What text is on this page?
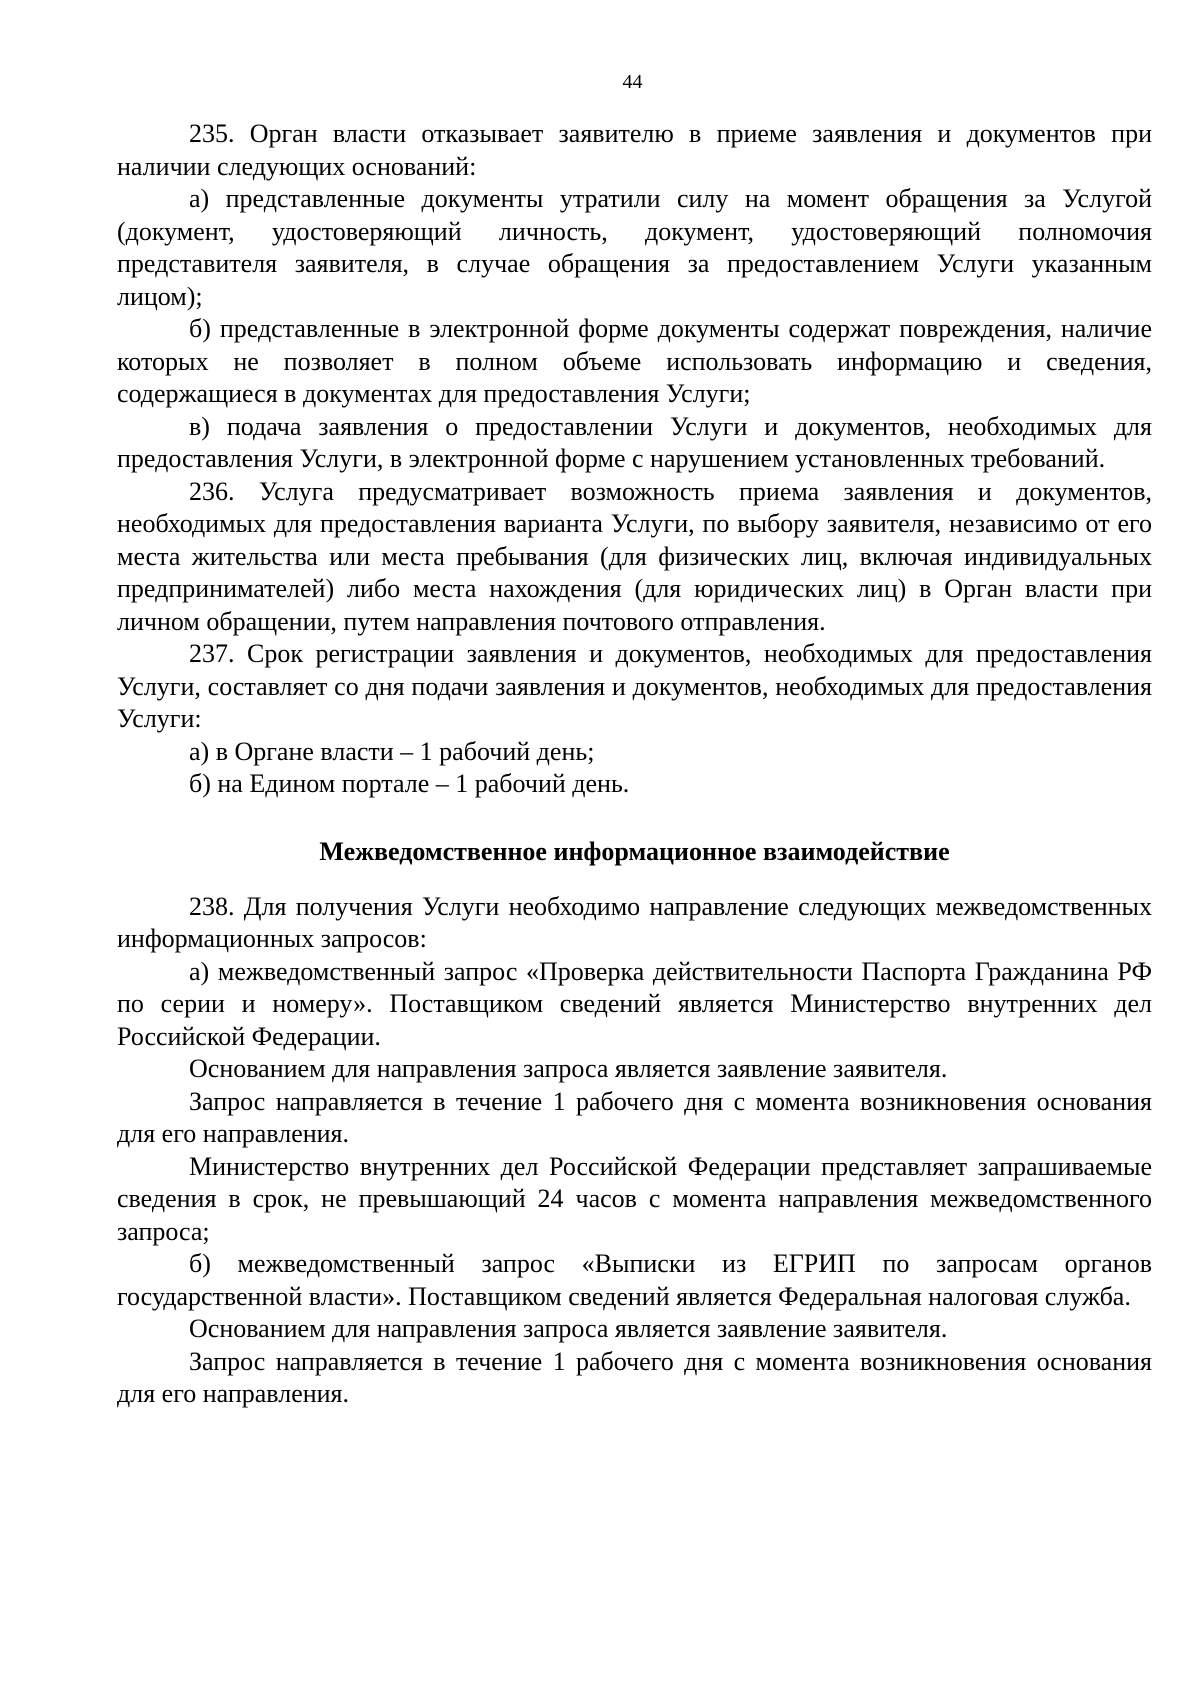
44

235. Орган власти отказывает заявителю в приеме заявления и документов при наличии следующих оснований:

а) представленные документы утратили силу на момент обращения за Услугой (документ, удостоверяющий личность, документ, удостоверяющий полномочия представителя заявителя, в случае обращения за предоставлением Услуги указанным лицом);

б) представленные в электронной форме документы содержат повреждения, наличие которых не позволяет в полном объеме использовать информацию и сведения, содержащиеся в документах для предоставления Услуги;

в) подача заявления о предоставлении Услуги и документов, необходимых для предоставления Услуги, в электронной форме с нарушением установленных требований.

236. Услуга предусматривает возможность приема заявления и документов, необходимых для предоставления варианта Услуги, по выбору заявителя, независимо от его места жительства или места пребывания (для физических лиц, включая индивидуальных предпринимателей) либо места нахождения (для юридических лиц) в Орган власти при личном обращении, путем направления почтового отправления.

237. Срок регистрации заявления и документов, необходимых для предоставления Услуги, составляет со дня подачи заявления и документов, необходимых для предоставления Услуги:

а) в Органе власти – 1 рабочий день;

б) на Едином портале – 1 рабочий день.

Межведомственное информационное взаимодействие

238. Для получения Услуги необходимо направление следующих межведомственных информационных запросов:

а) межведомственный запрос «Проверка действительности Паспорта Гражданина РФ по серии и номеру». Поставщиком сведений является Министерство внутренних дел Российской Федерации.

Основанием для направления запроса является заявление заявителя.

Запрос направляется в течение 1 рабочего дня с момента возникновения основания для его направления.

Министерство внутренних дел Российской Федерации представляет запрашиваемые сведения в срок, не превышающий 24 часов с момента направления межведомственного запроса;

б) межведомственный запрос «Выписки из ЕГРИП по запросам органов государственной власти». Поставщиком сведений является Федеральная налоговая служба.

Основанием для направления запроса является заявление заявителя.

Запрос направляется в течение 1 рабочего дня с момента возникновения основания для его направления.
